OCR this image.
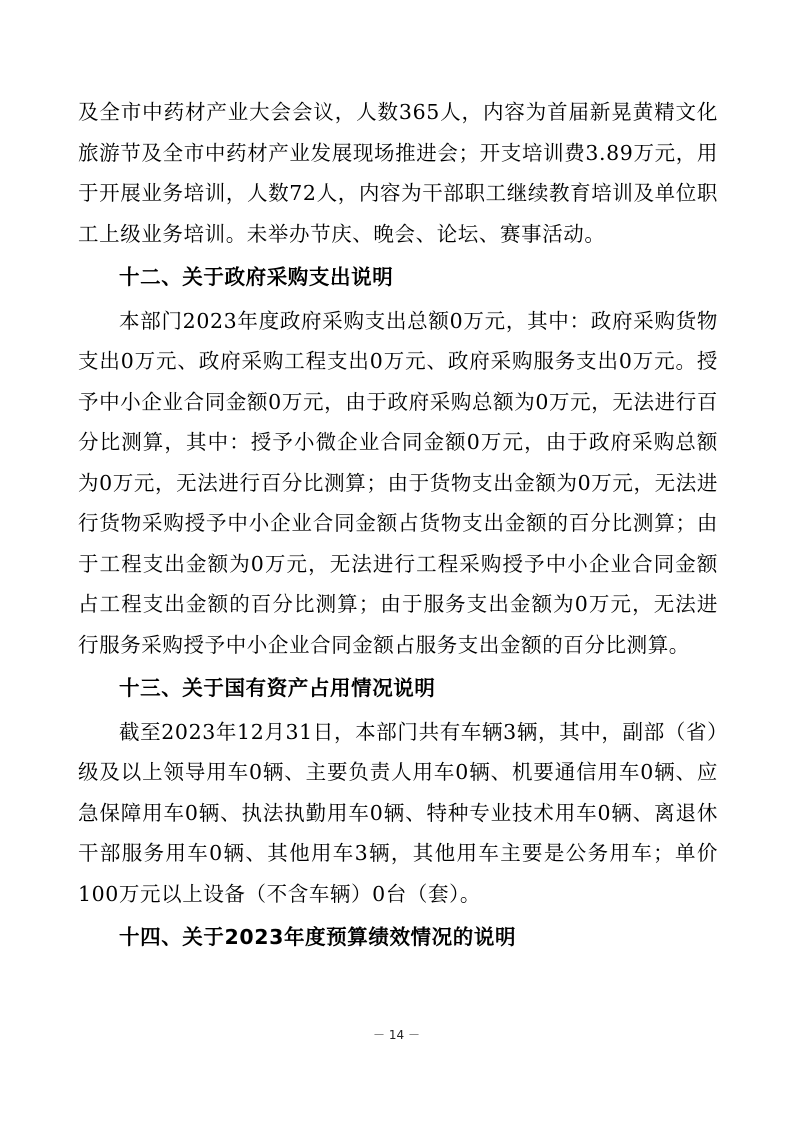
及全市中药材产业大会会议，人数365人，内容为首届新晃黄精文化旅游节及全市中药材产业发展现场推进会；开支培训费3.89万元，用于开展业务培训，人数72人，内容为干部职工继续教育培训及单位职工上级业务培训。未举办节庆、晚会、论坛、赛事活动。

十二、关于政府采购支出说明

本部门2023年度政府采购支出总额0万元，其中：政府采购货物支出0万元、政府采购工程支出0万元、政府采购服务支出0万元。授予中小企业合同金额0万元，由于政府采购总额为0万元，无法进行百分比测算，其中：授予小微企业合同金额0万元，由于政府采购总额为0万元，无法进行百分比测算；由于货物支出金额为0万元，无法进行货物采购授予中小企业合同金额占货物支出金额的百分比测算；由于工程支出金额为0万元，无法进行工程采购授予中小企业合同金额占工程支出金额的百分比测算；由于服务支出金额为0万元，无法进行服务采购授予中小企业合同金额占服务支出金额的百分比测算。

十三、关于国有资产占用情况说明

截至2023年12月31日，本部门共有车辆3辆，其中，副部（省）级及以上领导用车0辆、主要负责人用车0辆、机要通信用车0辆、应急保障用车0辆、执法执勤用车0辆、特种专业技术用车0辆、离退休干部服务用车0辆、其他用车3辆，其他用车主要是公务用车；单价100万元以上设备（不含车辆）0台（套）。

十四、关于2023年度预算绩效情况的说明

－ 14 －
